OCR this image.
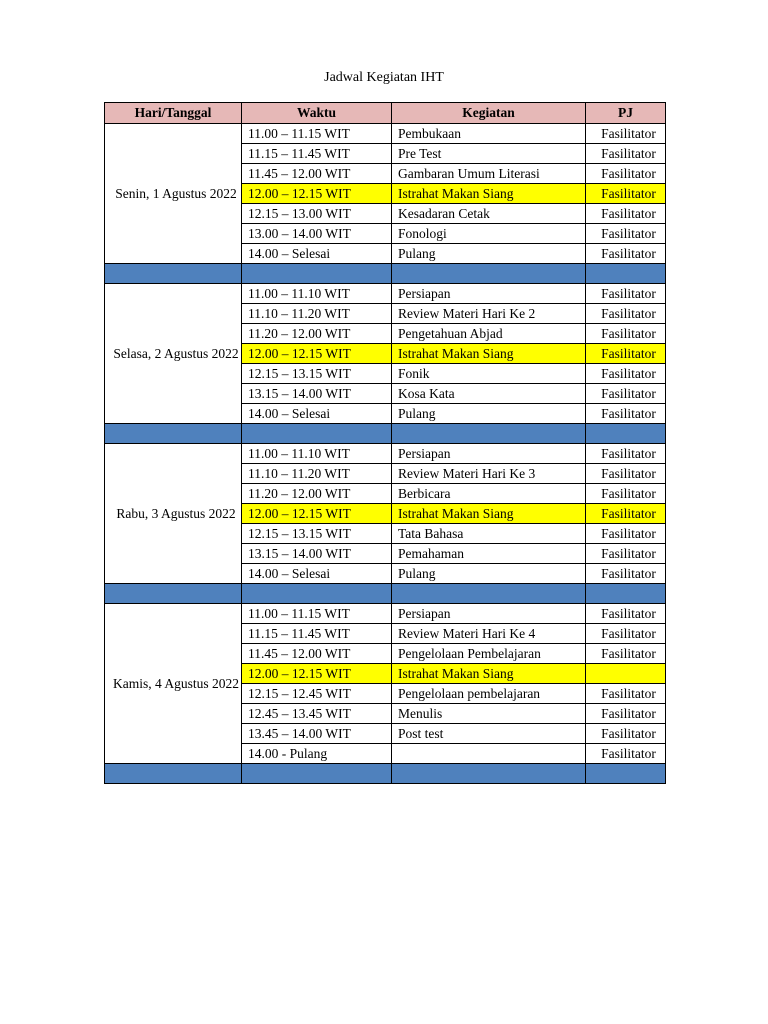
Jadwal Kegiatan IHT
Hari/Tanggal	Waktu	Kegiatan	PJ
Senin, 1 Agustus 2022	11.00 – 11.15 WIT	Pembukaan	Fasilitator
	11.15 – 11.45 WIT	Pre Test	Fasilitator
	11.45 – 12.00 WIT	Gambaran Umum Literasi	Fasilitator
	12.00 – 12.15 WIT	Istrahat Makan Siang	Fasilitator
	12.15 – 13.00 WIT	Kesadaran Cetak	Fasilitator
	13.00 – 14.00 WIT	Fonologi	Fasilitator
	14.00 – Selesai	Pulang	Fasilitator

Selasa, 2 Agustus 2022	11.00 – 11.10 WIT	Persiapan	Fasilitator
	11.10 – 11.20 WIT	Review Materi Hari Ke 2	Fasilitator
	11.20 – 12.00 WIT	Pengetahuan Abjad	Fasilitator
	12.00 – 12.15 WIT	Istrahat Makan Siang	Fasilitator
	12.15 – 13.15 WIT	Fonik	Fasilitator
	13.15 – 14.00 WIT	Kosa Kata	Fasilitator
	14.00 – Selesai	Pulang	Fasilitator

Rabu, 3 Agustus 2022	11.00 – 11.10 WIT	Persiapan	Fasilitator
	11.10 – 11.20 WIT	Review Materi Hari Ke 3	Fasilitator
	11.20 – 12.00 WIT	Berbicara	Fasilitator
	12.00 – 12.15 WIT	Istrahat Makan Siang	Fasilitator
	12.15 – 13.15 WIT	Tata Bahasa	Fasilitator
	13.15 – 14.00 WIT	Pemahaman	Fasilitator
	14.00 – Selesai	Pulang	Fasilitator

Kamis, 4 Agustus 2022	11.00 – 11.15 WIT	Persiapan	Fasilitator
	11.15 – 11.45 WIT	Review Materi Hari Ke 4	Fasilitator
	11.45 – 12.00 WIT	Pengelolaan Pembelajaran	Fasilitator
	12.00 – 12.15 WIT	Istrahat Makan Siang	
	12.15 – 12.45 WIT	Pengelolaan pembelajaran	Fasilitator
	12.45 – 13.45 WIT	Menulis	Fasilitator
	13.45 – 14.00 WIT	Post test	Fasilitator
	14.00 - Pulang		Fasilitator
